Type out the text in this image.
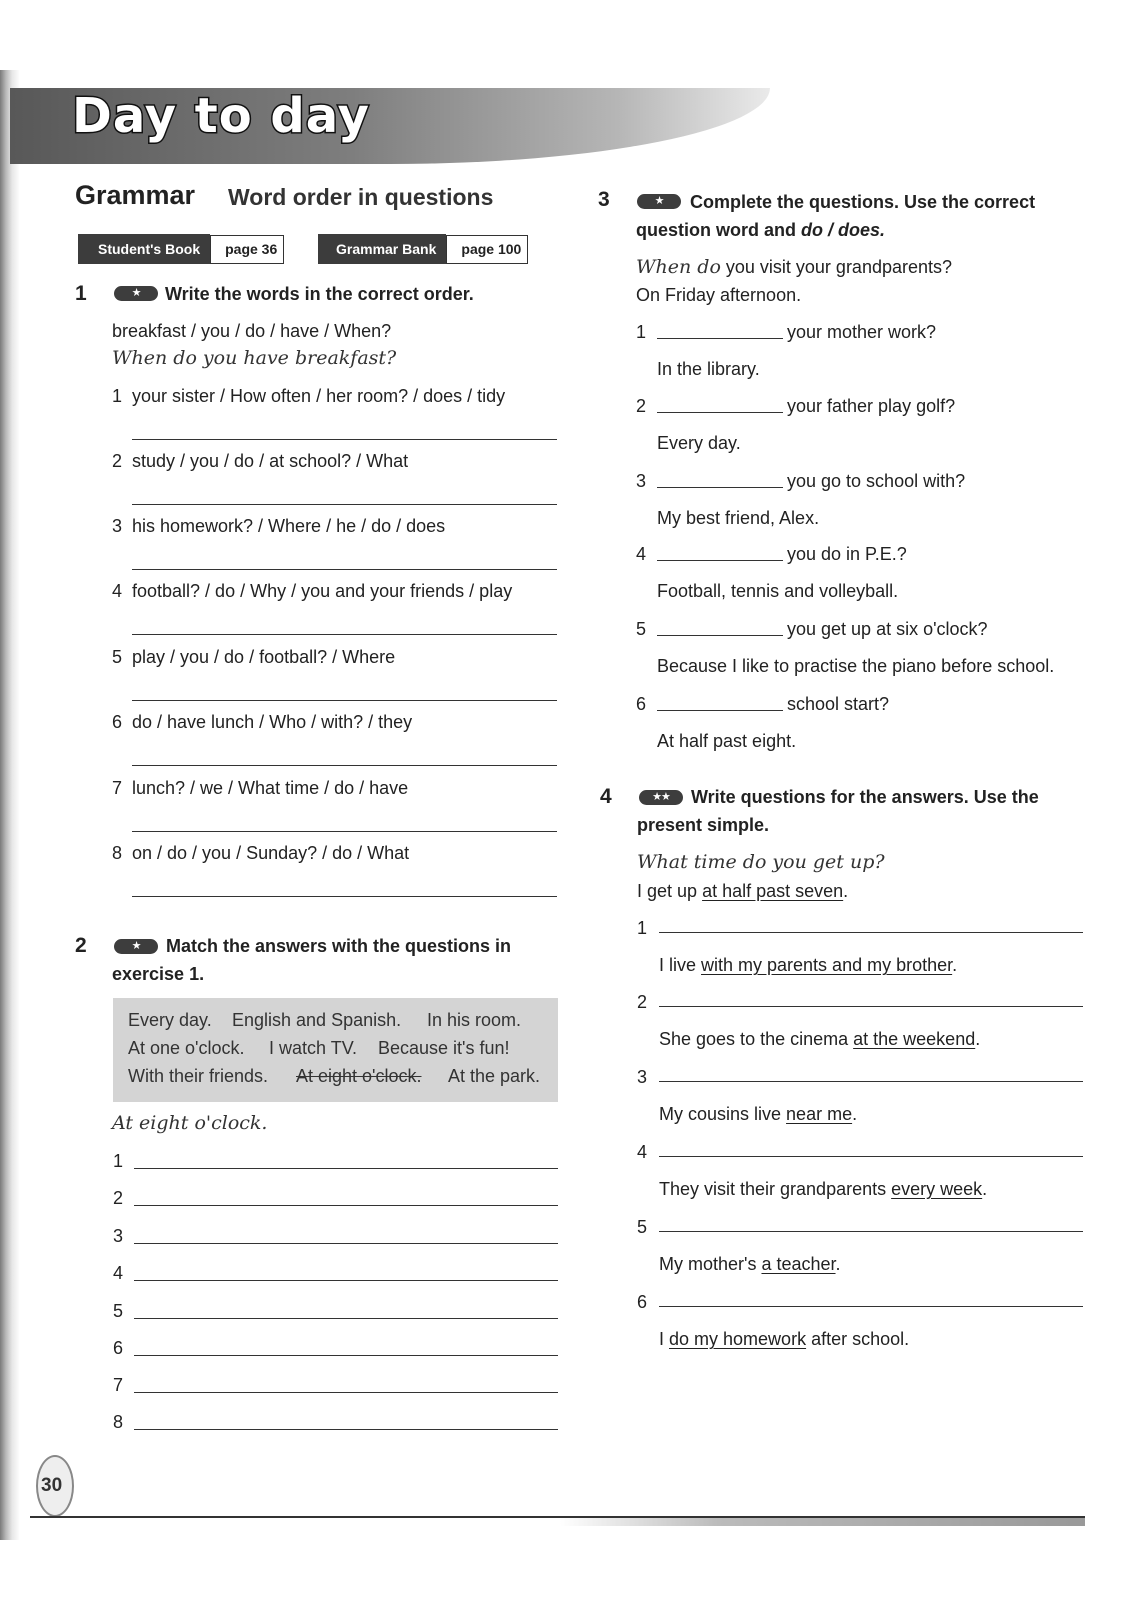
Day to day
Grammar Word order in questions
Student's Book	page 36	Grammar Bank	page 100
1	★	Write the words in the correct order.
breakfast / you / do / have / When?
When do you have breakfast?
1 your sister / How often / her room? / does / tidy
2 study / you / do / at school? / What
3 his homework? / Where / he / do / does
4 football? / do / Why / you and your friends / play
5 play / you / do / football? / Where
6 do / have lunch / Who / with? / they
7 lunch? / we / What time / do / have
8 on / do / you / Sunday? / do / What
2	★	Match the answers with the questions in
exercise 1.
Every day. English and Spanish. In his room.
At one o'clock. I watch TV. Because it's fun!
With their friends. At eight o'clock. At the park.
At eight o'clock.
1
2
3
4
5
6
7
8
3	★	Complete the questions. Use the correct
question word and do / does.
When do you visit your grandparents?
On Friday afternoon.
1	your mother work?
In the library.
2	your father play golf?
Every day.
3	you go to school with?
My best friend, Alex.
4	you do in P.E.?
Football, tennis and volleyball.
5	you get up at six o'clock?
Because I like to practise the piano before school.
6	school start?
At half past eight.
4	★★	Write questions for the answers. Use the
present simple.
What time do you get up?
I get up at half past seven.
1
I live with my parents and my brother.
2
She goes to the cinema at the weekend.
3
My cousins live near me.
4
They visit their grandparents every week.
5
My mother's a teacher.
6
I do my homework after school.
30
